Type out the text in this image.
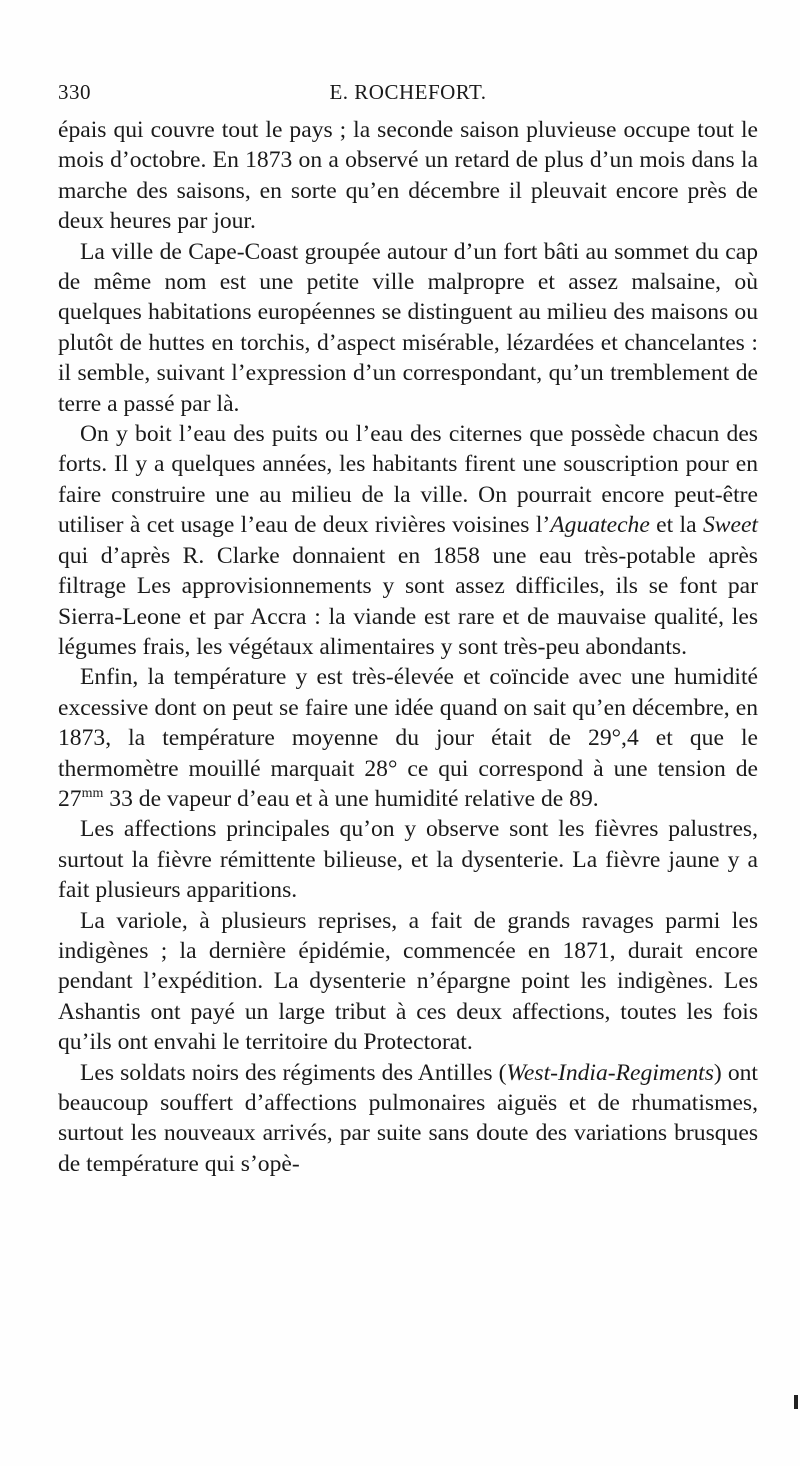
330	E. ROCHEFORT.

épais qui couvre tout le pays ; la seconde saison pluvieuse occupe tout le mois d’octobre. En 1873 on a observé un retard de plus d’un mois dans la marche des saisons, en sorte qu’en décembre il pleuvait encore près de deux heures par jour.

La ville de Cape-Coast groupée autour d’un fort bâti au sommet du cap de même nom est une petite ville malpropre et assez malsaine, où quelques habitations européennes se distinguent au milieu des maisons ou plutôt de huttes en torchis, d’aspect misérable, lézardées et chancelantes : il semble, suivant l’expression d’un correspondant, qu’un tremblement de terre a passé par là.

On y boit l’eau des puits ou l’eau des citernes que possède chacun des forts. Il y a quelques années, les habitants firent une souscription pour en faire construire une au milieu de la ville. On pourrait encore peut-être utiliser à cet usage l’eau de deux rivières voisines l’Aguateche et la Sweet qui d’après R. Clarke donnaient en 1858 une eau très-potable après filtrage Les approvisionnements y sont assez difficiles, ils se font par Sierra-Leone et par Accra : la viande est rare et de mauvaise qualité, les légumes frais, les végétaux alimentaires y sont très-peu abondants.

Enfin, la température y est très-élevée et coïncide avec une humidité excessive dont on peut se faire une idée quand on sait qu’en décembre, en 1873, la température moyenne du jour était de 29°,4 et que le thermomètre mouillé marquait 28° ce qui correspond à une tension de $27^{mm}$ 33 de vapeur d’eau et à une humidité relative de 89.

Les affections principales qu’on y observe sont les fièvres palustres, surtout la fièvre rémittente bilieuse, et la dysenterie. La fièvre jaune y a fait plusieurs apparitions.

La variole, à plusieurs reprises, a fait de grands ravages parmi les indigènes ; la dernière épidémie, commencée en 1871, durait encore pendant l’expédition. La dysenterie n’épargne point les indigènes. Les Ashantis ont payé un large tribut à ces deux affections, toutes les fois qu’ils ont envahi le territoire du Protectorat.

Les soldats noirs des régiments des Antilles (West-India-Regiments) ont beaucoup souffert d’affections pulmonaires aiguës et de rhumatismes, surtout les nouveaux arrivés, par suite sans doute des variations brusques de température qui s’opè-
